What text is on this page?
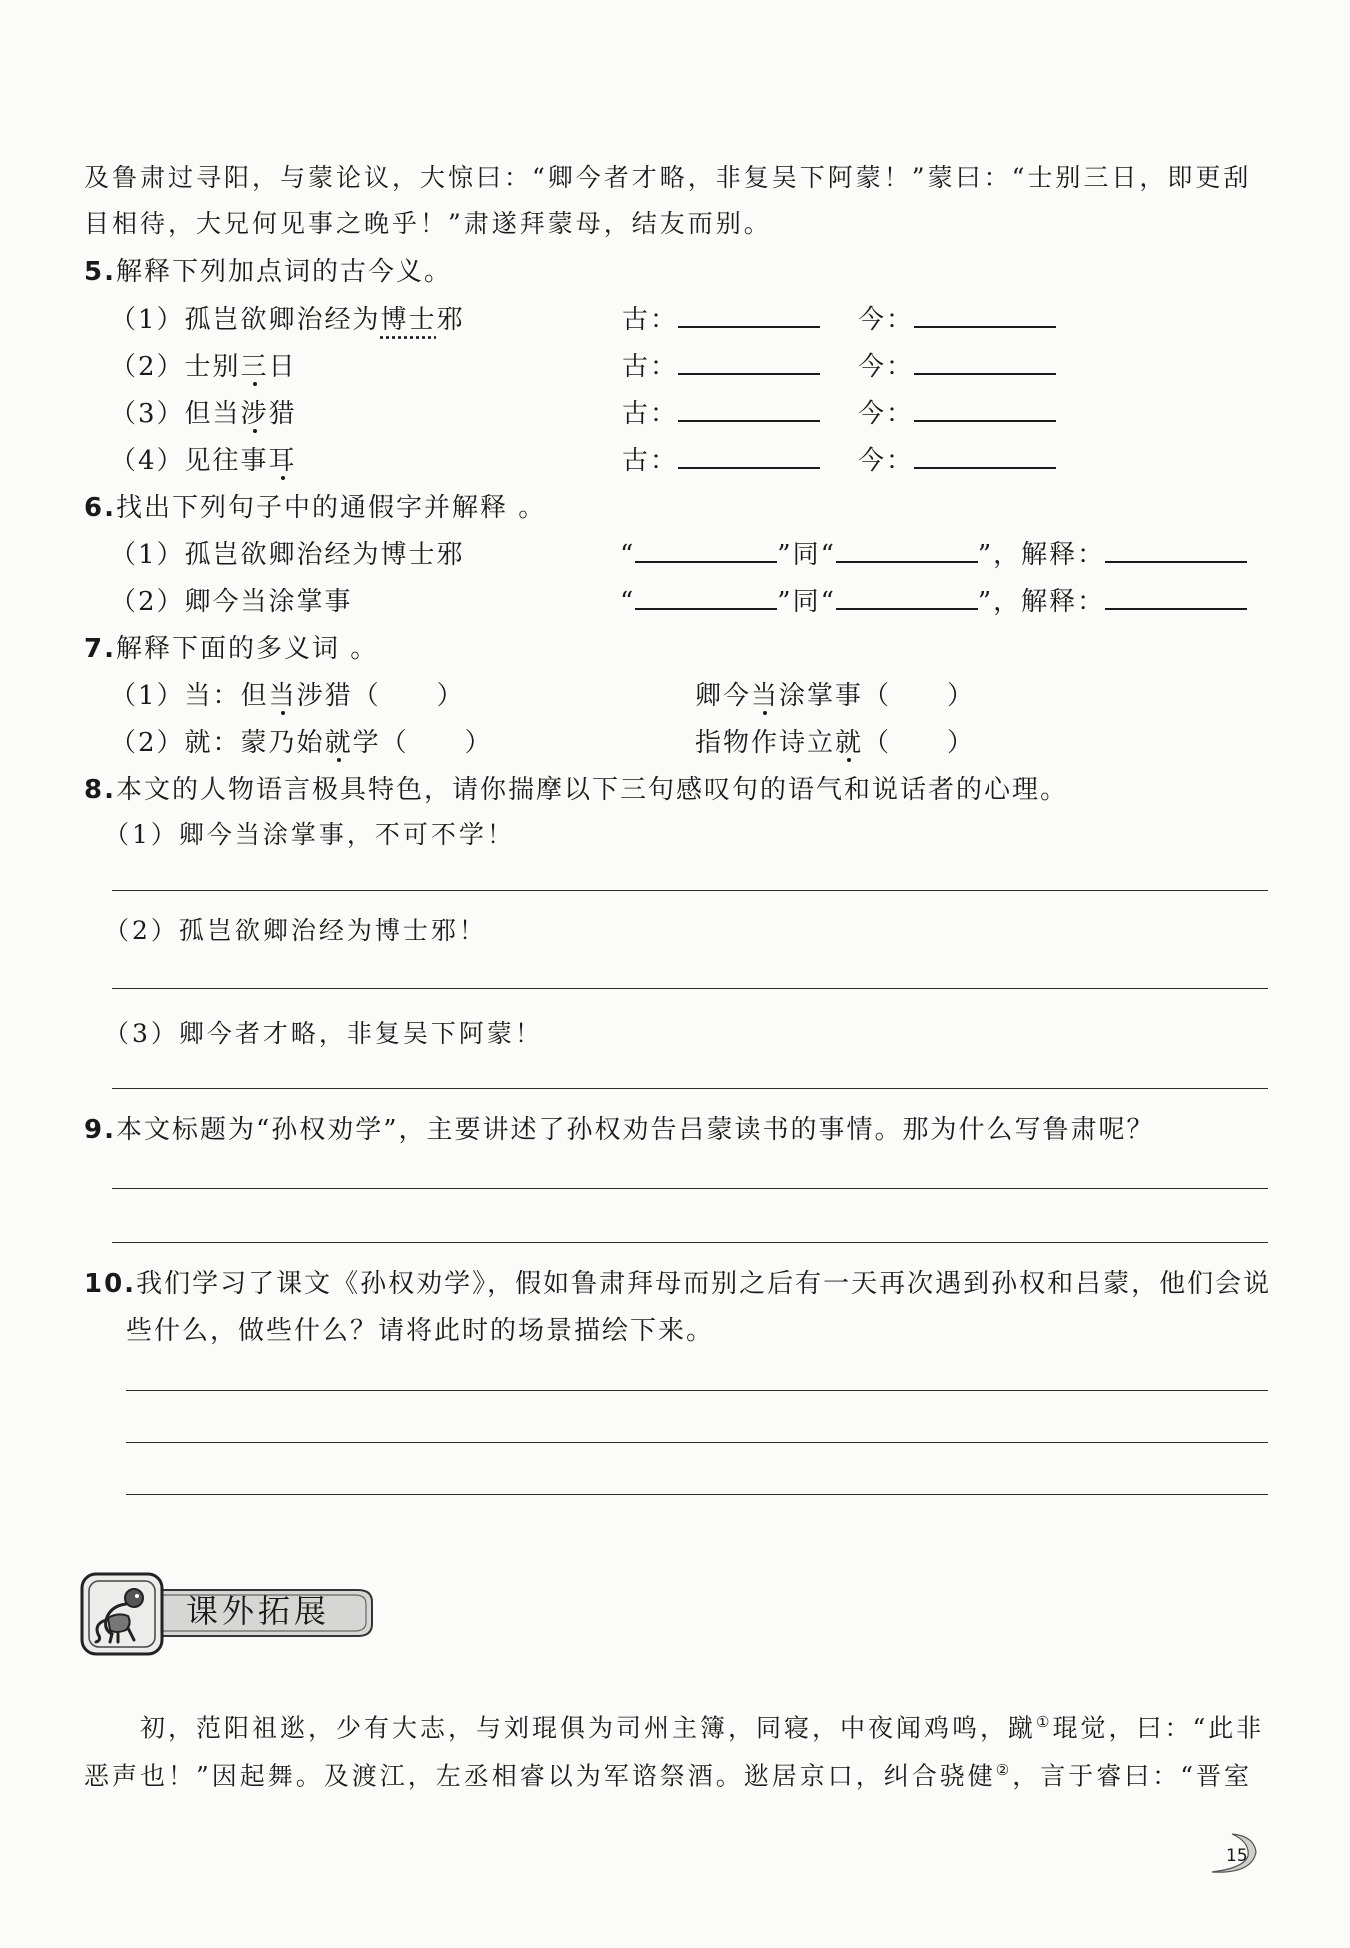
及鲁肃过寻阳，与蒙论议，大惊曰：“卿今者才略，非复吴下阿蒙！”蒙曰：“士别三日，即更刮
目相待，大兄何见事之晚乎！”肃遂拜蒙母，结友而别。
5.解释下列加点词的古今义。
（1）孤岂欲卿治经为博士邪	古：	今：
（2）士别三日	古：	今：
（3）但当涉猎	古：	今：
（4）见往事耳	古：	今：
6.找出下列句子中的通假字并解释 。
（1）孤岂欲卿治经为博士邪	“	”同“	”，解释：
（2）卿今当涂掌事	“	”同“	”，解释：
7.解释下面的多义词 。
（1）当：但当涉猎（　　）	卿今当涂掌事（　　）
（2）就：蒙乃始就学（　　）	指物作诗立就（　　）
8.本文的人物语言极具特色，请你揣摩以下三句感叹句的语气和说话者的心理。
（1）卿今当涂掌事，不可不学！
（2）孤岂欲卿治经为博士邪！
（3）卿今者才略，非复吴下阿蒙！
9.本文标题为“孙权劝学”，主要讲述了孙权劝告吕蒙读书的事情。那为什么写鲁肃呢？
10.我们学习了课文《孙权劝学》，假如鲁肃拜母而别之后有一天再次遇到孙权和吕蒙，他们会说
些什么，做些什么？请将此时的场景描绘下来。
课外拓展
初，范阳祖逖，少有大志，与刘琨俱为司州主簿，同寝，中夜闻鸡鸣，蹴①琨觉，曰：“此非
恶声也！”因起舞。及渡江，左丞相睿以为军谘祭酒。逖居京口，纠合骁健②，言于睿曰：“晋室
15
